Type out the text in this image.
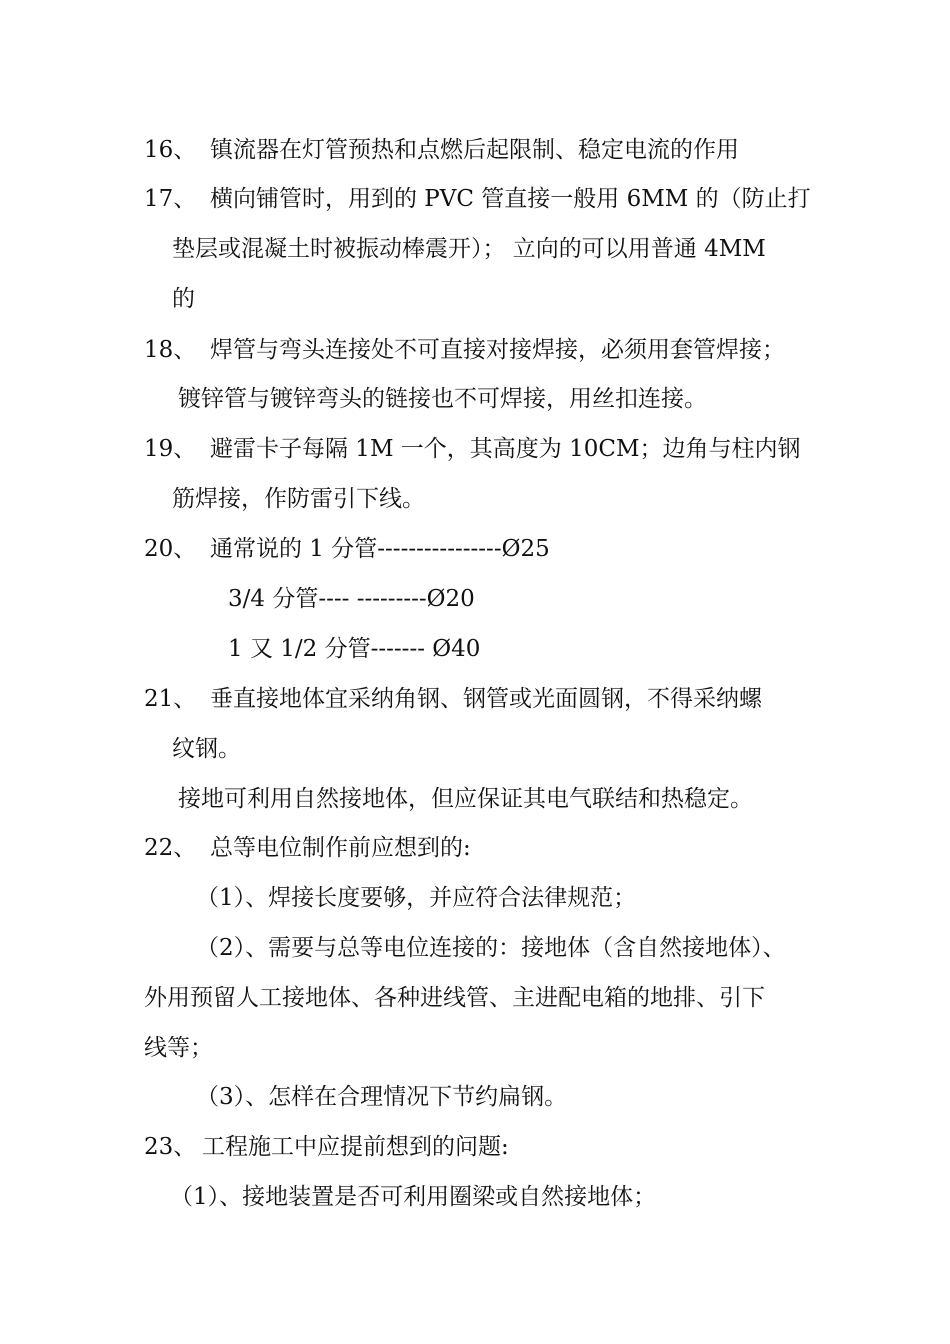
16、 镇流器在灯管预热和点燃后起限制、稳定电流的作用
17、 横向铺管时，用到的 PVC 管直接一般用 6MM 的（防止打
垫层或混凝土时被振动棒震开）； 立向的可以用普通 4MM
的
18、 焊管与弯头连接处不可直接对接焊接，必须用套管焊接；
镀锌管与镀锌弯头的链接也不可焊接，用丝扣连接。
19、 避雷卡子每隔 1M 一个，其高度为 10CM；边角与柱内钢
筋焊接，作防雷引下线。
20、 通常说的 1 分管----------------Ø25
3/4 分管---- ---------Ø20
1 又 1/2 分管------- Ø40
21、 垂直接地体宜采纳角钢、钢管或光面圆钢，不得采纳螺
纹钢。
接地可利用自然接地体，但应保证其电气联结和热稳定。
22、 总等电位制作前应想到的:
（1）、焊接长度要够，并应符合法律规范；
（2）、需要与总等电位连接的：接地体（含自然接地体）、
外用预留人工接地体、各种进线管、主进配电箱的地排、引下
线等；
（3）、怎样在合理情况下节约扁钢。
23、 工程施工中应提前想到的问题:
（1）、接地装置是否可利用圈梁或自然接地体；
